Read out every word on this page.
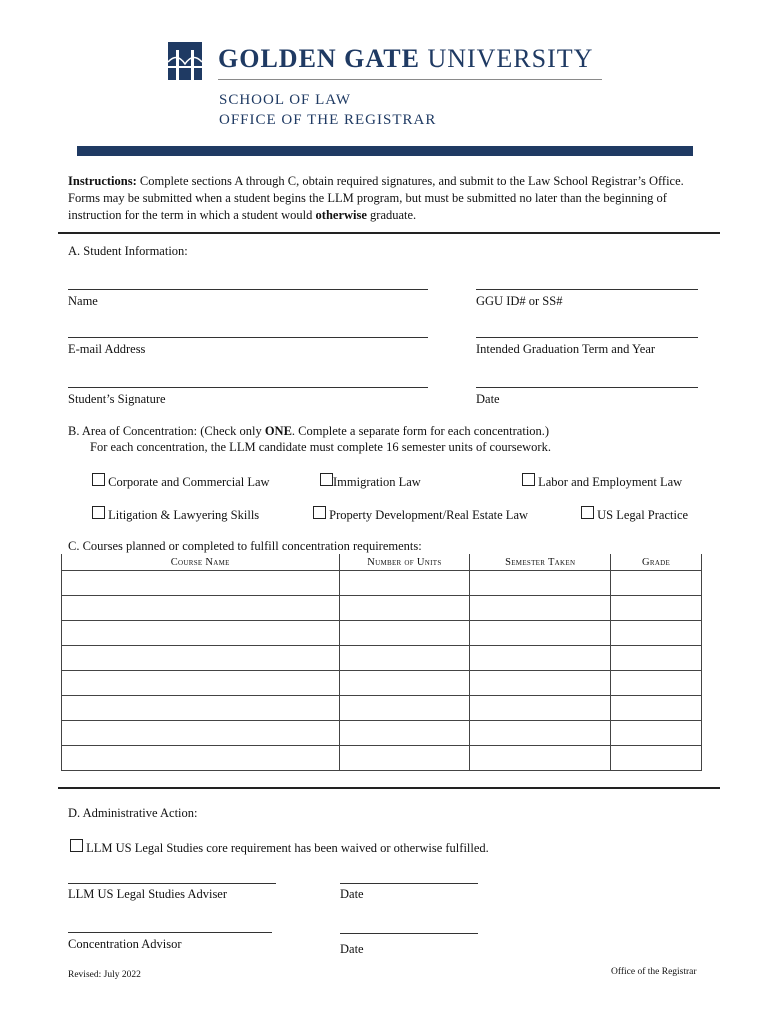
GOLDEN GATE UNIVERSITY
SCHOOL OF LAW
OFFICE OF THE REGISTRAR
Instructions: Complete sections A through C, obtain required signatures, and submit to the Law School Registrar’s Office. Forms may be submitted when a student begins the LLM program, but must be submitted no later than the beginning of instruction for the term in which a student would otherwise graduate.
A. Student Information:
Name	GGU ID# or SS#
E-mail Address	Intended Graduation Term and Year
Student’s Signature	Date
B. Area of Concentration: (Check only ONE. Complete a separate form for each concentration.)
For each concentration, the LLM candidate must complete 16 semester units of coursework.
Corporate and Commercial Law	Immigration Law	Labor and Employment Law
Litigation & Lawyering Skills	Property Development/Real Estate Law	US Legal Practice
C. Courses planned or completed to fulfill concentration requirements:
Course Name	Number of Units	Semester Taken	Grade

D. Administrative Action:
LLM US Legal Studies core requirement has been waived or otherwise fulfilled.
LLM US Legal Studies Adviser	Date
Concentration Advisor	Date
Revised: July 2022	Office of the Registrar
